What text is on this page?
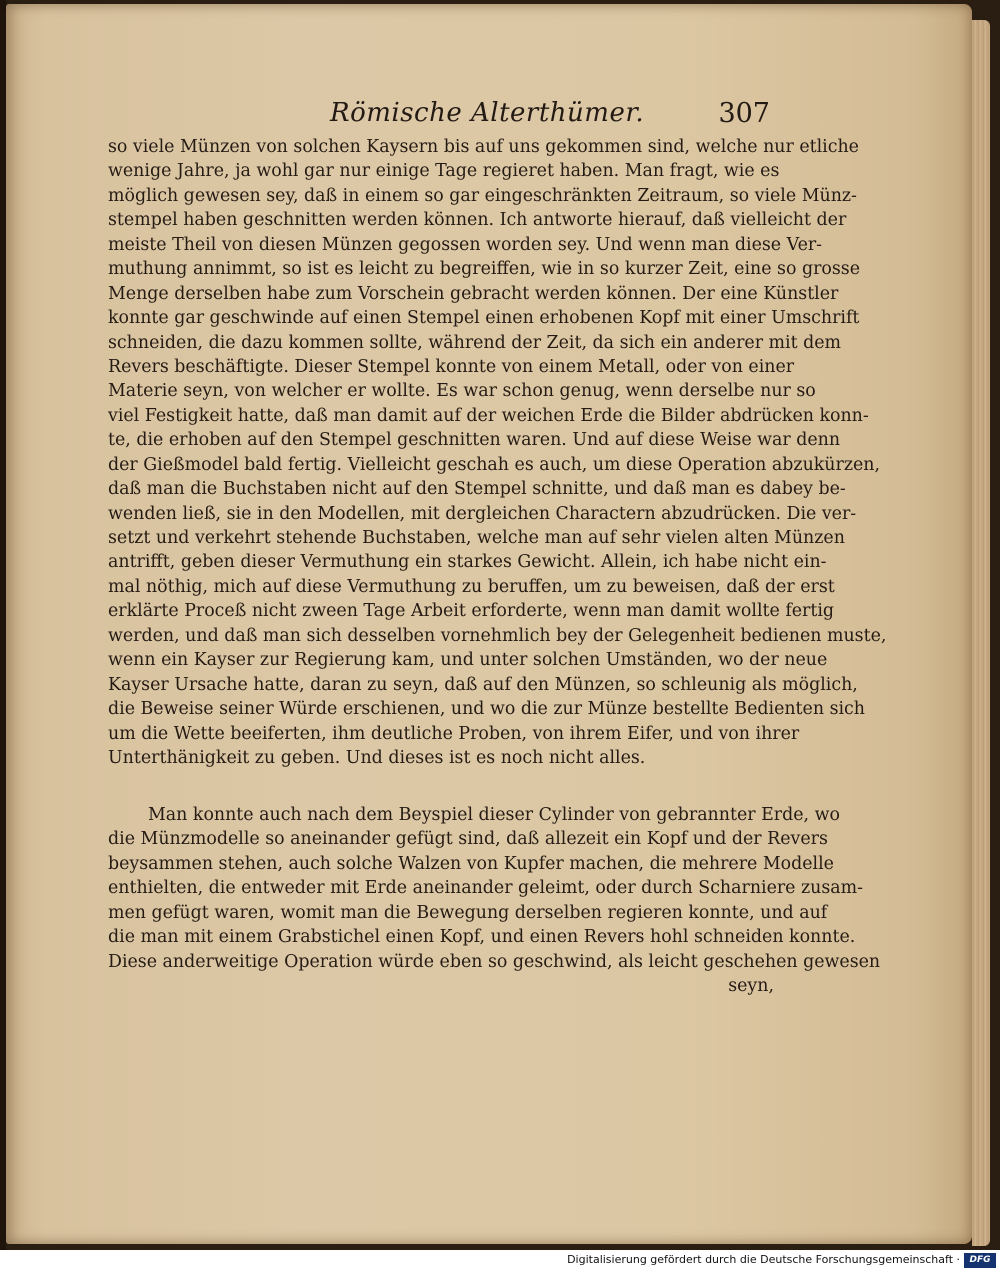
Römische Alterthümer.	307
so viele Münzen von solchen Kaysern bis auf uns gekommen sind, welche nur etliche
wenige Jahre, ja wohl gar nur einige Tage regieret haben. Man fragt, wie es
möglich gewesen sey, daß in einem so gar eingeschränkten Zeitraum, so viele Münz-
stempel haben geschnitten werden können. Ich antworte hierauf, daß vielleicht der
meiste Theil von diesen Münzen gegossen worden sey. Und wenn man diese Ver-
muthung annimmt, so ist es leicht zu begreiffen, wie in so kurzer Zeit, eine so grosse
Menge derselben habe zum Vorschein gebracht werden können. Der eine Künstler
konnte gar geschwinde auf einen Stempel einen erhobenen Kopf mit einer Umschrift
schneiden, die dazu kommen sollte, während der Zeit, da sich ein anderer mit dem
Revers beschäftigte. Dieser Stempel konnte von einem Metall, oder von einer
Materie seyn, von welcher er wollte. Es war schon genug, wenn derselbe nur so
viel Festigkeit hatte, daß man damit auf der weichen Erde die Bilder abdrücken konn-
te, die erhoben auf den Stempel geschnitten waren. Und auf diese Weise war denn
der Gießmodel bald fertig. Vielleicht geschah es auch, um diese Operation abzukürzen,
daß man die Buchstaben nicht auf den Stempel schnitte, und daß man es dabey be-
wenden ließ, sie in den Modellen, mit dergleichen Charactern abzudrücken. Die ver-
setzt und verkehrt stehende Buchstaben, welche man auf sehr vielen alten Münzen
antrifft, geben dieser Vermuthung ein starkes Gewicht. Allein, ich habe nicht ein-
mal nöthig, mich auf diese Vermuthung zu beruffen, um zu beweisen, daß der erst
erklärte Proceß nicht zween Tage Arbeit erforderte, wenn man damit wollte fertig
werden, und daß man sich desselben vornehmlich bey der Gelegenheit bedienen muste,
wenn ein Kayser zur Regierung kam, und unter solchen Umständen, wo der neue
Kayser Ursache hatte, daran zu seyn, daß auf den Münzen, so schleunig als möglich,
die Beweise seiner Würde erschienen, und wo die zur Münze bestellte Bedienten sich
um die Wette beeiferten, ihm deutliche Proben, von ihrem Eifer, und von ihrer
Unterthänigkeit zu geben. Und dieses ist es noch nicht alles.
Man konnte auch nach dem Beyspiel dieser Cylinder von gebrannter Erde, wo
die Münzmodelle so aneinander gefügt sind, daß allezeit ein Kopf und der Revers
beysammen stehen, auch solche Walzen von Kupfer machen, die mehrere Modelle
enthielten, die entweder mit Erde aneinander geleimt, oder durch Scharniere zusam-
men gefügt waren, womit man die Bewegung derselben regieren konnte, und auf
die man mit einem Grabstichel einen Kopf, und einen Revers hohl schneiden konnte.
Diese anderweitige Operation würde eben so geschwind, als leicht geschehen gewesen
seyn,
Digitalisierung gefördert durch die Deutsche Forschungsgemeinschaft ·	DFG
